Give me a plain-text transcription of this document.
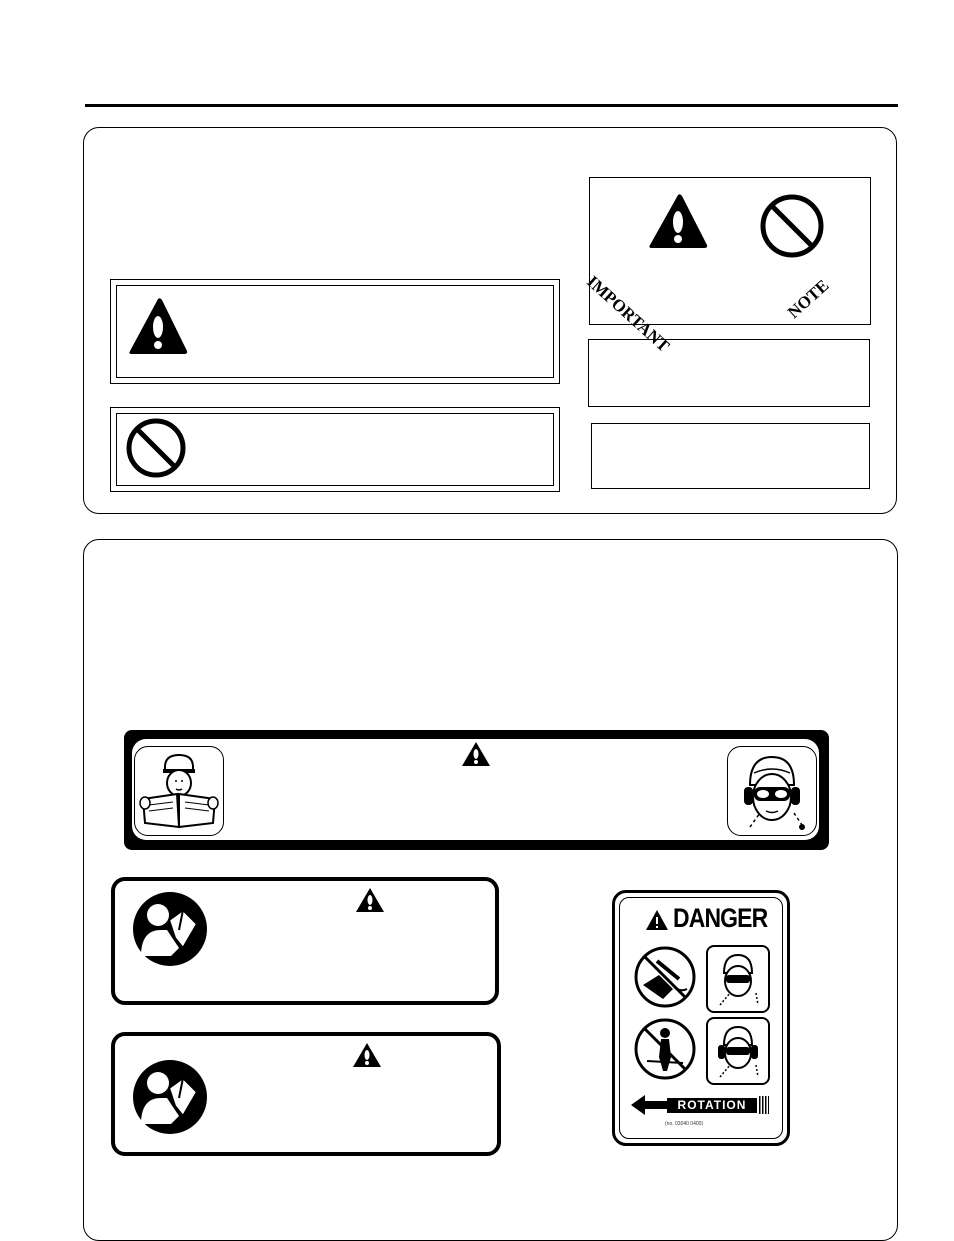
IMPORTANT	NOTE
DANGER
ROTATION
(no. 03040 0400)
